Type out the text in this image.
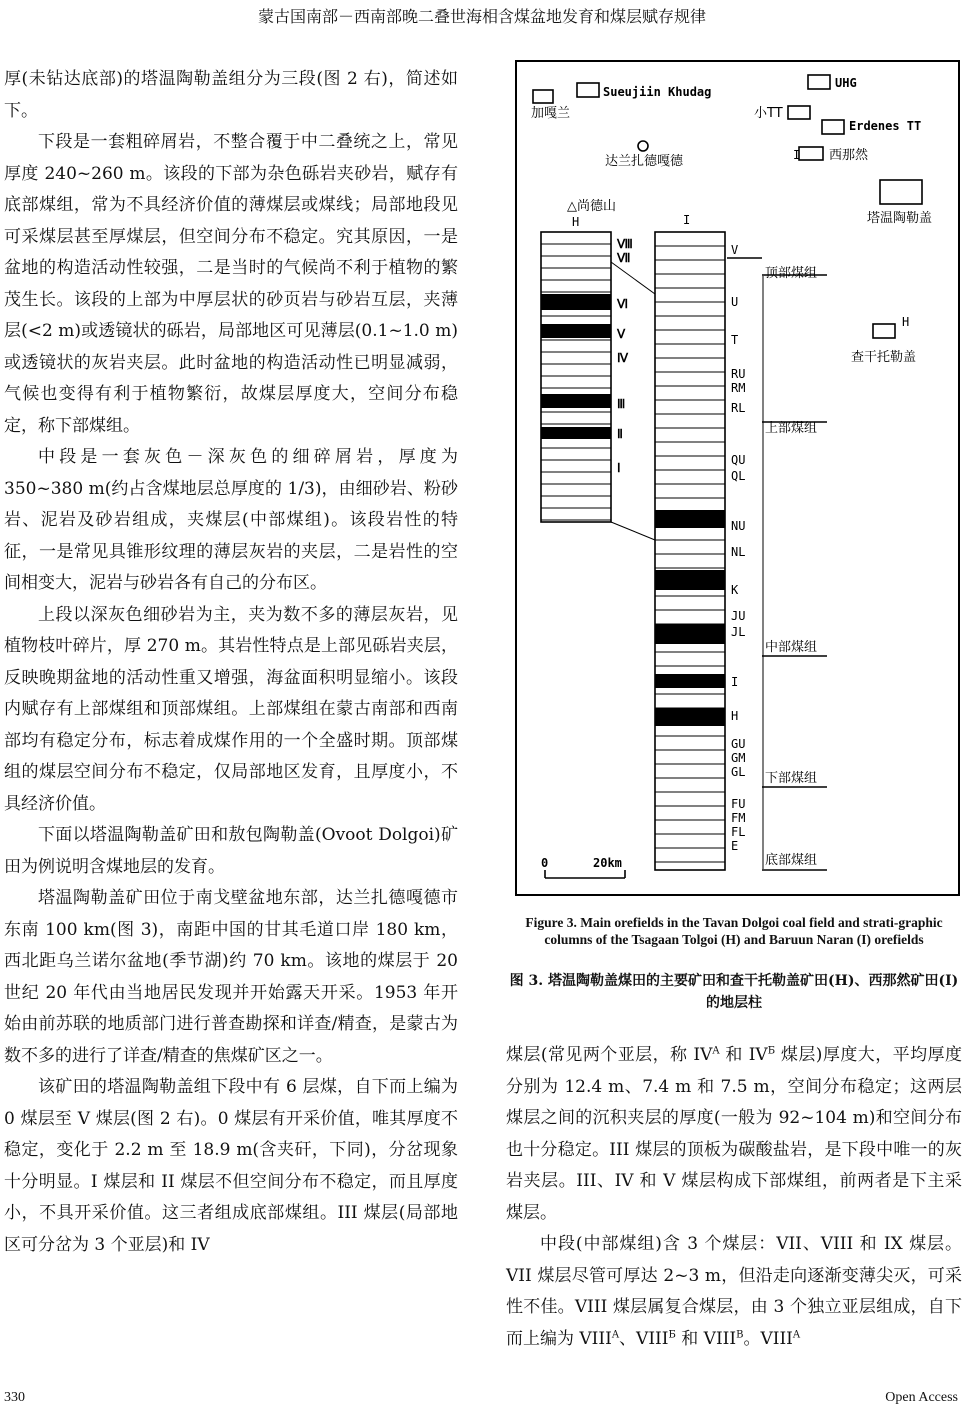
蒙古国南部－西南部晚二叠世海相含煤盆地发育和煤层赋存规律

厚(未钻达底部)的塔温陶勒盖组分为三段(图 2 右)，简述如下。

下段是一套粗碎屑岩，不整合覆于中二叠统之上，常见厚度 240~260 m。该段的下部为杂色砾岩夹砂岩，赋存有底部煤组，常为不具经济价值的薄煤层或煤线；局部地段见可采煤层甚至厚煤层，但空间分布不稳定。究其原因，一是盆地的构造活动性较强，二是当时的气候尚不利于植物的繁茂生长。该段的上部为中厚层状的砂页岩与砂岩互层，夹薄层(<2 m)或透镜状的砾岩，局部地区可见薄层(0.1~1.0 m)或透镜状的灰岩夹层。此时盆地的构造活动性已明显减弱，气候也变得有利于植物繁衍，故煤层厚度大，空间分布稳定，称下部煤组。

中段是一套灰色－深灰色的细碎屑岩，厚度为 350~380 m(约占含煤地层总厚度的 1/3)，由细砂岩、粉砂岩、泥岩及砂岩组成，夹煤层(中部煤组)。该段岩性的特征，一是常见具锥形纹理的薄层灰岩的夹层，二是岩性的空间相变大，泥岩与砂岩各有自己的分布区。

上段以深灰色细砂岩为主，夹为数不多的薄层灰岩，见植物枝叶碎片，厚 270 m。其岩性特点是上部见砾岩夹层，反映晚期盆地的活动性重又增强，海盆面积明显缩小。该段内赋存有上部煤组和顶部煤组。上部煤组在蒙古南部和西南部均有稳定分布，标志着成煤作用的一个全盛时期。顶部煤组的煤层空间分布不稳定，仅局部地区发育，且厚度小，不具经济价值。

下面以塔温陶勒盖矿田和敖包陶勒盖(Ovoot Dolgoi)矿田为例说明含煤地层的发育。

塔温陶勒盖矿田位于南戈壁盆地东部，达兰扎德嘎德市东南 100 km(图 3)，南距中国的甘其毛道口岸 180 km，西北距乌兰诺尔盆地(季节湖)约 70 km。该地的煤层于 20 世纪 20 年代由当地居民发现并开始露天开采。1953 年开始由前苏联的地质部门进行普查勘探和详查/精查，是蒙古为数不多的进行了详查/精查的焦煤矿区之一。

该矿田的塔温陶勒盖组下段中有 6 层煤，自下而上编为 0 煤层至 V 煤层(图 2 右)。0 煤层有开采价值，唯其厚度不稳定，变化于 2.2 m 至 18.9 m(含夹矸，下同)，分岔现象十分明显。I 煤层和 II 煤层不但空间分布不稳定，而且厚度小，不具开采价值。这三者组成底部煤组。III 煤层(局部地区可分岔为 3 个亚层)和 IV

Ⅷ
Ⅶ
Ⅵ
Ⅴ
Ⅳ
Ⅲ
Ⅱ
Ⅰ
V
U
T
RU
RM
RL
QU
QL
NU
NL
K
JU
JL
I
H
GU
GM
GL
FU
FM
FL
E
加嘎兰
Sueujiin Khudag
UHG
小TT
Erdenes TT
达兰扎德嘎德	I 西那然
△尚德山
塔温陶勒盖
H
查干托勒盖
H	I
顶部煤组
上部煤组
中部煤组
下部煤组
底部煤组
0	20km
Figure 3. Main orefields in the Tavan Dolgoi coal field and strati-graphic columns of the Tsagaan Tolgoi (H) and Baruun Naran (I) orefields
图 3. 塔温陶勒盖煤田的主要矿田和查干托勒盖矿田(H)、西那然矿田(I)的地层柱

煤层(常见两个亚层，称 $IV^A$ 和 $IV^Б$ 煤层)厚度大，平均厚度分别为 12.4 m、7.4 m 和 7.5 m，空间分布稳定；这两层煤层之间的沉积夹层的厚度(一般为 92~104 m)和空间分布也十分稳定。III 煤层的顶板为碳酸盐岩，是下段中唯一的灰岩夹层。III、IV 和 V 煤层构成下部煤组，前两者是下主采煤层。

中段(中部煤组)含 3 个煤层：VII、VIII 和 IX 煤层。VII 煤层尽管可厚达 2~3 m，但沿走向逐渐变薄尖灭，可采性不佳。VIII 煤层属复合煤层，由 3 个独立亚层组成，自下而上编为 $VIII^A$、$VIII^Б$ 和 $VIII^B$。$VIII^A$

330	Open Access
